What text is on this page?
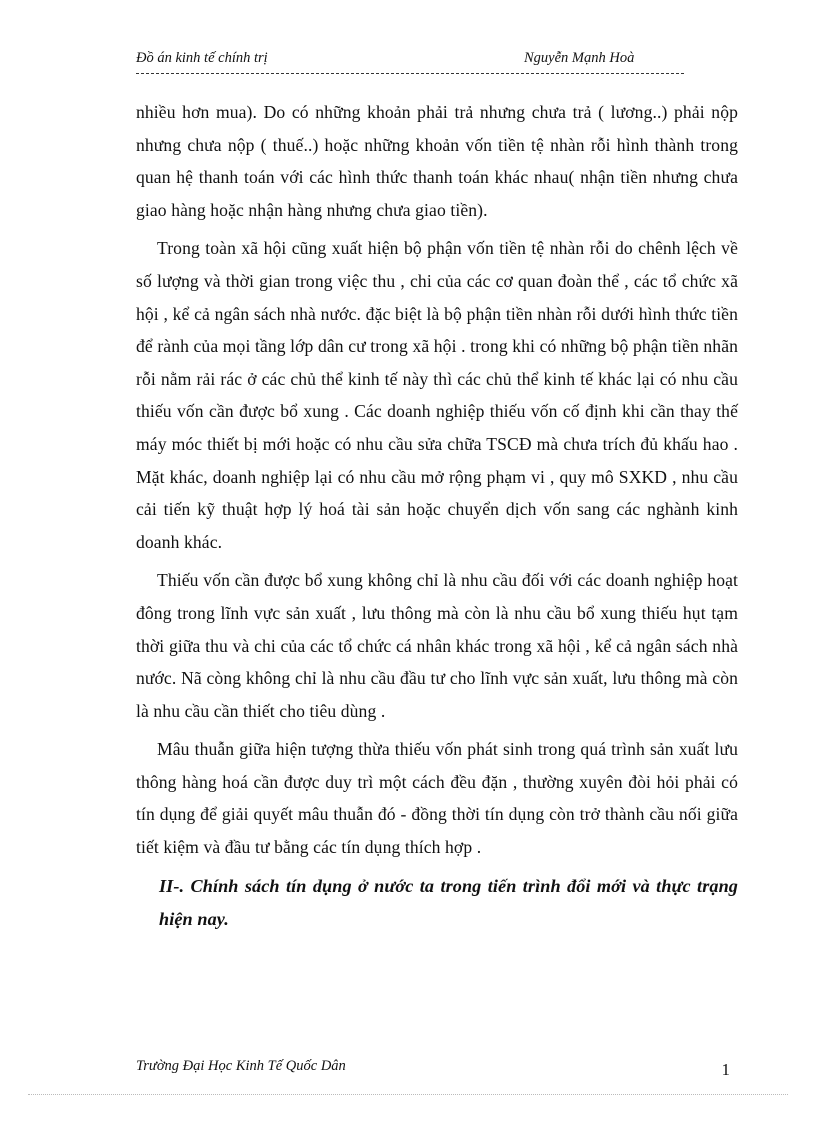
Đồ án kinh tế chính trị	Nguyễn Mạnh Hoà

nhiều hơn mua). Do có những khoản phải trả nhưng chưa trả ( lương..) phải nộp nhưng chưa nộp ( thuế..) hoặc những khoản vốn tiền tệ nhàn rỗi hình thành trong quan hệ thanh toán với các hình thức thanh toán khác nhau( nhận tiền nhưng chưa giao hàng hoặc nhận hàng nhưng chưa giao tiền).

Trong toàn xã hội cũng xuất hiện bộ phận vốn tiền tệ nhàn rỗi do chênh lệch về số lượng và thời gian trong việc thu , chi của các cơ quan đoàn thể , các tổ chức xã hội , kể cả ngân sách nhà nước. đặc biệt là bộ phận tiền nhàn rỗi dưới hình thức tiền để rành của mọi tầng lớp dân cư trong xã hội . trong khi có những bộ phận tiền nhãn rỗi nằm rải rác ở các chủ thể kinh tế này thì các chủ thể kinh tế khác lại có nhu cầu thiếu vốn cần được bổ xung . Các doanh nghiệp thiếu vốn cố định khi cần thay thế máy móc thiết bị mới hoặc có nhu cầu sửa chữa TSCĐ mà chưa trích đủ khấu hao . Mặt khác, doanh nghiệp lại có nhu cầu mở rộng phạm vi , quy mô SXKD , nhu cầu cải tiến kỹ thuật hợp lý hoá tài sản hoặc chuyển dịch vốn sang các nghành kinh doanh khác.

Thiếu vốn cần được bổ xung không chỉ là nhu cầu đối với các doanh nghiệp hoạt đông trong lĩnh vực sản xuất , lưu thông mà còn là nhu cầu bổ xung thiếu hụt tạm thời giữa thu và chi của các tổ chức cá nhân khác trong xã hội , kể cả ngân sách nhà nước. Nã còng không chỉ là nhu cầu đầu tư cho lĩnh vực sản xuất, lưu thông mà còn là nhu cầu cần thiết cho tiêu dùng .

Mâu thuẫn giữa hiện tượng thừa thiếu vốn phát sinh trong quá trình sản xuất lưu thông hàng hoá cần được duy trì một cách đều đặn , thường xuyên đòi hỏi phải có tín dụng để giải quyết mâu thuẫn đó - đồng thời tín dụng còn trở thành cầu nối giữa tiết kiệm và đầu tư bằng các tín dụng thích hợp .

II-. Chính sách tín dụng ở nước ta trong tiến trình đổi mới và thực trạng hiện nay.

Trường Đại Học Kinh Tế Quốc Dân	1
